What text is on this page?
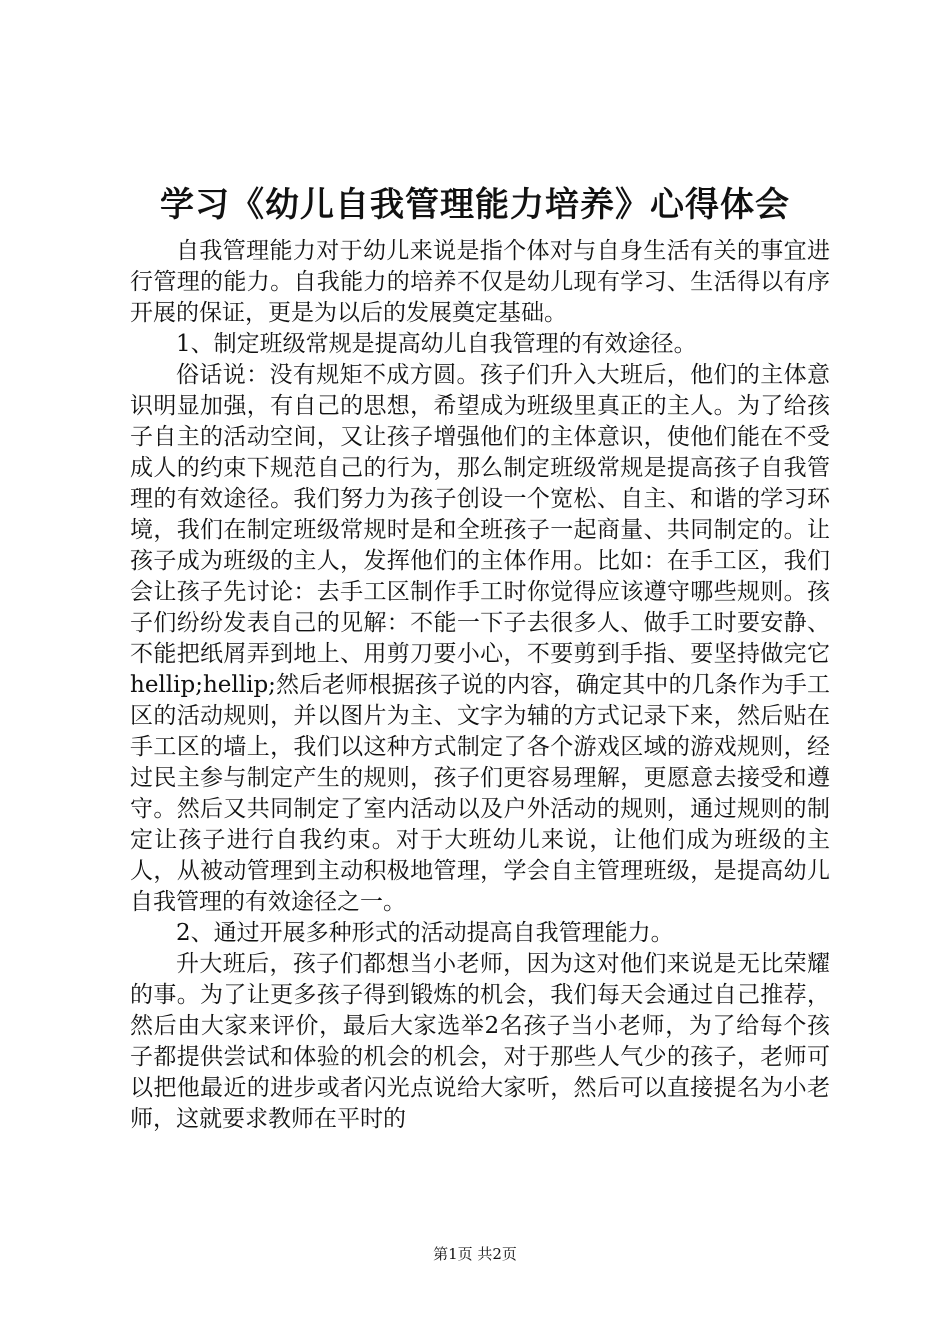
学习《幼儿自我管理能力培养》心得体会

自我管理能力对于幼儿来说是指个体对与自身生活有关的事宜进行管理的能力。自我能力的培养不仅是幼儿现有学习、生活得以有序开展的保证，更是为以后的发展奠定基础。

1、制定班级常规是提高幼儿自我管理的有效途径。

俗话说：没有规矩不成方圆。孩子们升入大班后，他们的主体意识明显加强，有自己的思想，希望成为班级里真正的主人。为了给孩子自主的活动空间，又让孩子增强他们的主体意识，使他们能在不受成人的约束下规范自己的行为，那么制定班级常规是提高孩子自我管理的有效途径。我们努力为孩子创设一个宽松、自主、和谐的学习环境，我们在制定班级常规时是和全班孩子一起商量、共同制定的。让孩子成为班级的主人，发挥他们的主体作用。比如：在手工区，我们会让孩子先讨论：去手工区制作手工时你觉得应该遵守哪些规则。孩子们纷纷发表自己的见解：不能一下子去很多人、做手工时要安静、不能把纸屑弄到地上、用剪刀要小心，不要剪到手指、要坚持做完它hellip;hellip;然后老师根据孩子说的内容，确定其中的几条作为手工区的活动规则，并以图片为主、文字为辅的方式记录下来，然后贴在手工区的墙上，我们以这种方式制定了各个游戏区域的游戏规则，经过民主参与制定产生的规则，孩子们更容易理解，更愿意去接受和遵守。然后又共同制定了室内活动以及户外活动的规则，通过规则的制定让孩子进行自我约束。对于大班幼儿来说，让他们成为班级的主人，从被动管理到主动积极地管理，学会自主管理班级，是提高幼儿自我管理的有效途径之一。

2、通过开展多种形式的活动提高自我管理能力。

升大班后，孩子们都想当小老师，因为这对他们来说是无比荣耀的事。为了让更多孩子得到锻炼的机会，我们每天会通过自己推荐，然后由大家来评价，最后大家选举2名孩子当小老师，为了给每个孩子都提供尝试和体验的机会的机会，对于那些人气少的孩子，老师可以把他最近的进步或者闪光点说给大家听，然后可以直接提名为小老师，这就要求教师在平时的

第1页 共2页
